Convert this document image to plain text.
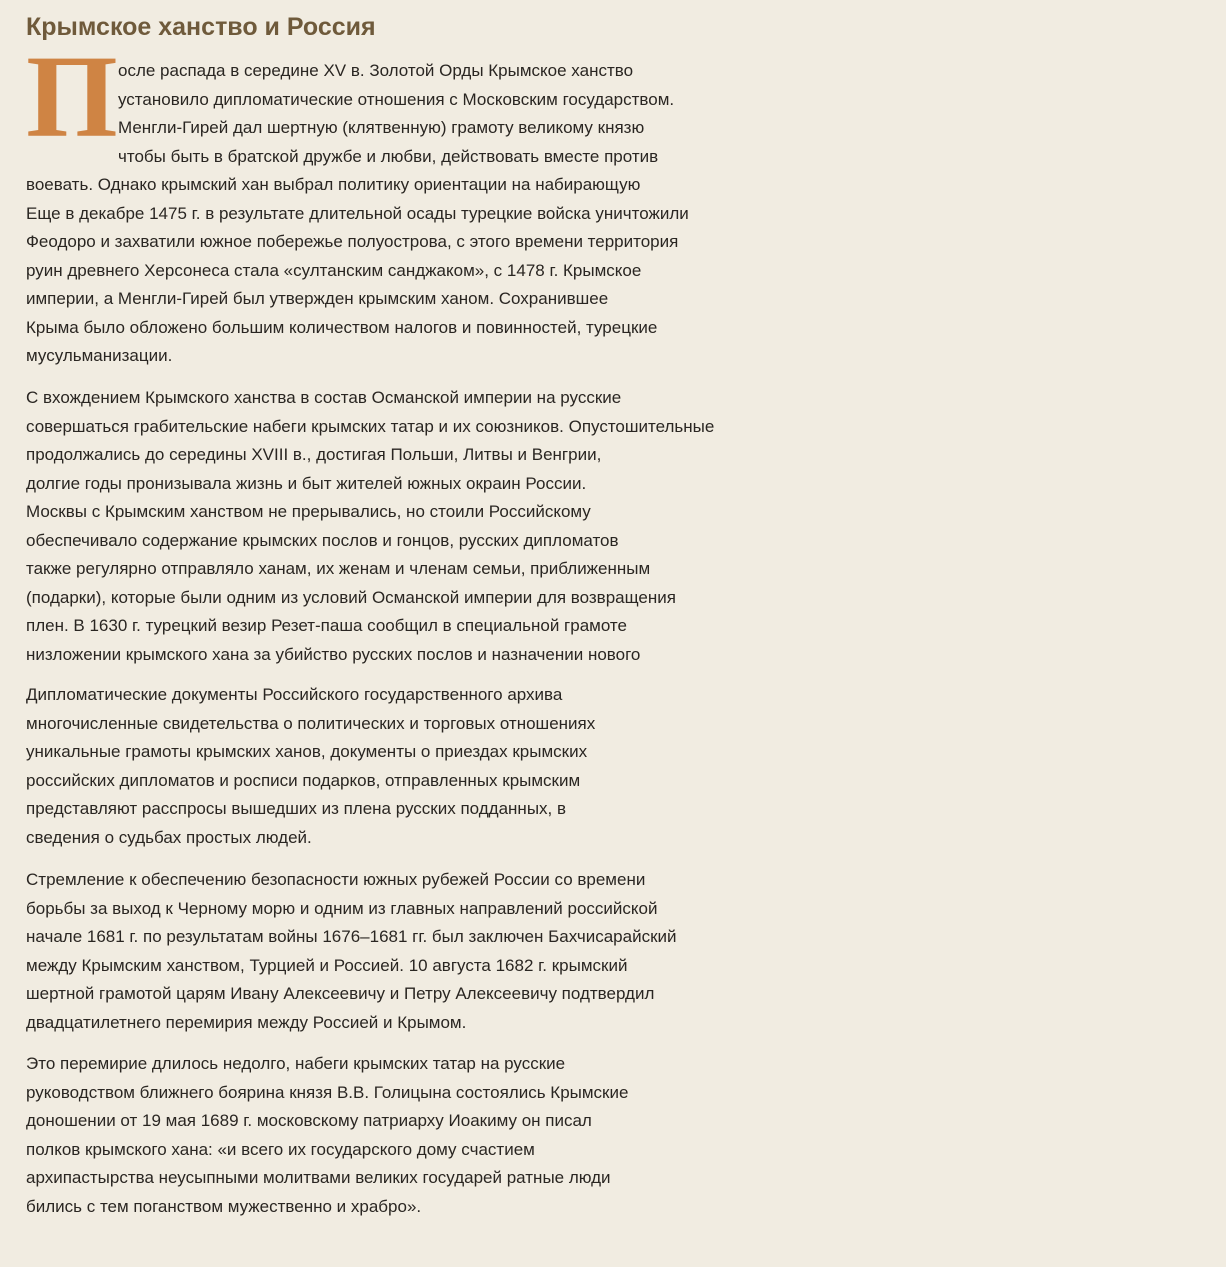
Крымское ханство и Россия
П осле распада в середине XV в. Золотой Орды Крымское ханство
установило дипломатические отношения с Московским государством.
Менгли-Гирей дал шертную (клятвенную) грамоту великому князю
чтобы быть в братской дружбе и любви, действовать вместе против
воевать. Однако крымский хан выбрал политику ориентации на набирающую
Еще в декабре 1475 г. в результате длительной осады турецкие войска уничтожили
Феодоро и захватили южное побережье полуострова, с этого времени территория
руин древнего Херсонеса стала «султанским санджаком», с 1478 г. Крымское
империи, а Менгли-Гирей был утвержден крымским ханом. Сохранившее
Крыма было обложено большим количеством налогов и повинностей, турецкие
мусульманизации.
С вхождением Крымского ханства в состав Османской империи на русские
совершаться грабительские набеги крымских татар и их союзников. Опустошительные
продолжались до середины XVIII в., достигая Польши, Литвы и Венгрии,
долгие годы пронизывала жизнь и быт жителей южных окраин России.
Москвы с Крымским ханством не прерывались, но стоили Российскому
обеспечивало содержание крымских послов и гонцов, русских дипломатов
также регулярно отправляло ханам, их женам и членам семьи, приближенным
(подарки), которые были одним из условий Османской империи для возвращения
плен. В 1630 г. турецкий везир Резет-паша сообщил в специальной грамоте
низложении крымского хана за убийство русских послов и назначении нового
Дипломатические документы Российского государственного архива
многочисленные свидетельства о политических и торговых отношениях
уникальные грамоты крымских ханов, документы о приездах крымских
российских дипломатов и росписи подарков, отправленных крымским
представляют расспросы вышедших из плена русских подданных, в
сведения о судьбах простых людей.
Стремление к обеспечению безопасности южных рубежей России со времени
борьбы за выход к Черному морю и одним из главных направлений российской
начале 1681 г. по результатам войны 1676–1681 гг. был заключен Бахчисарайский
между Крымским ханством, Турцией и Россией. 10 августа 1682 г. крымский
шертной грамотой царям Ивану Алексеевичу и Петру Алексеевичу подтвердил
двадцатилетнего перемирия между Россией и Крымом.
Это перемирие длилось недолго, набеги крымских татар на русские
руководством ближнего боярина князя В.В. Голицына состоялись Крымские
доношении от 19 мая 1689 г. московскому патриарху Иоакиму он писал
полков крымского хана: «и всего их государского дому счастием
архипастырства неусыпными молитвами великих государей ратные люди
бились с тем поганством мужественно и храбро».
